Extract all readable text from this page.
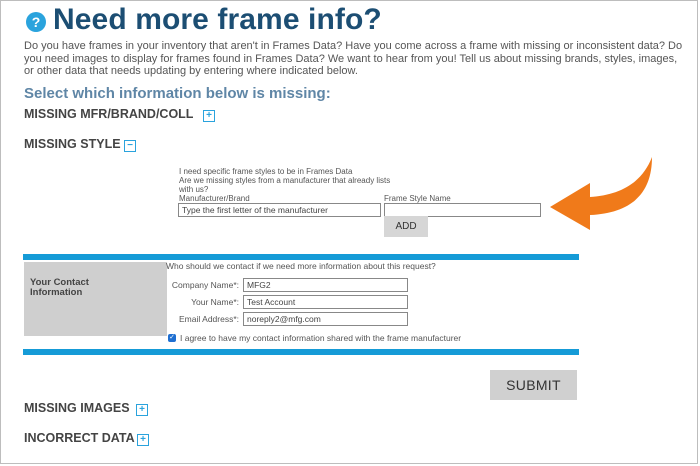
? Need more frame info?
Do you have frames in your inventory that aren't in Frames Data? Have you come across a frame with missing or inconsistent data? Do you need images to display for frames found in Frames Data? We want to hear from you! Tell us about missing brands, styles, images, or other data that needs updating by entering where indicated below.
Select which information below is missing:
MISSING MFR/BRAND/COLL	+
MISSING STYLE −
I need specific frame styles to be in Frames Data
Are we missing styles from a manufacturer that already lists
with us?
Manufacturer/Brand	Frame Style Name
Type the first letter of the manufacturer
ADD
Your Contact
Information
Who should we contact if we need more information about this request?
Company Name*: MFG2
Your Name*: Test Account
Email Address*: noreply2@mfg.com
✓ I agree to have my contact information shared with the frame manufacturer
SUBMIT
MISSING IMAGES +
INCORRECT DATA +
